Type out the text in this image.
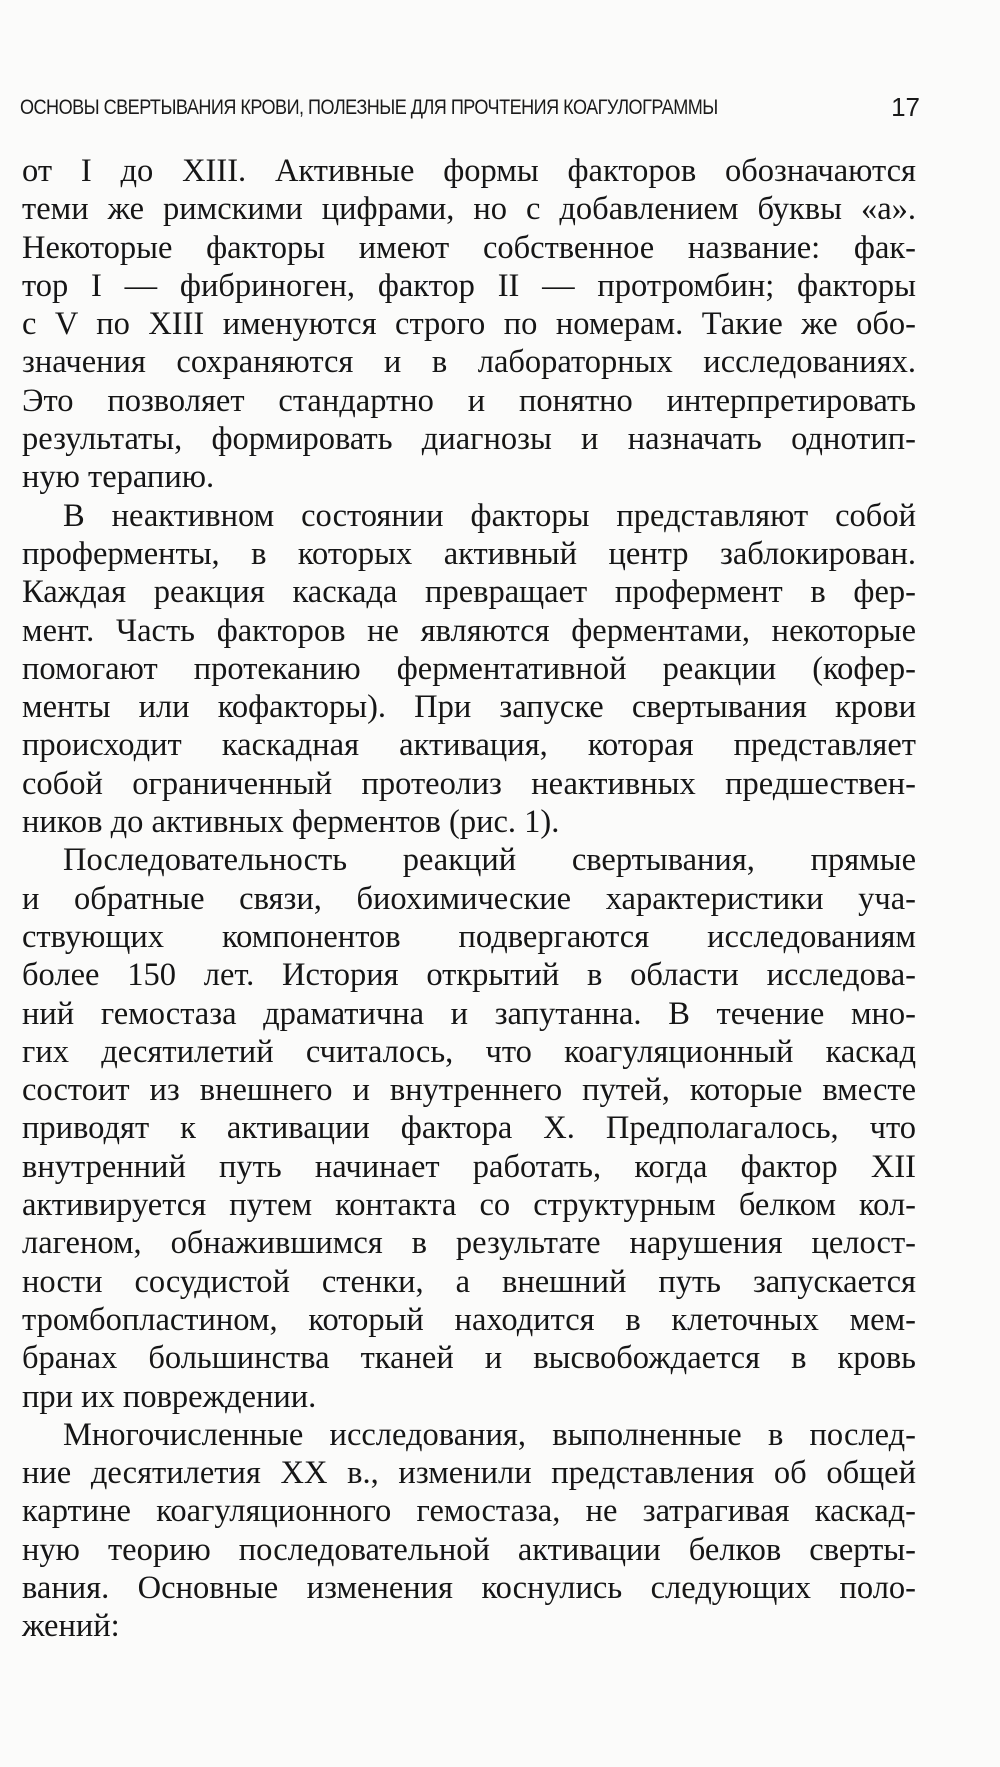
ОСНОВЫ СВЕРТЫВАНИЯ КРОВИ, ПОЛЕЗНЫЕ ДЛЯ ПРОЧТЕНИЯ КОАГУЛОГРАММЫ	17
от I до XIII. Активные формы факторов обозначаются
теми же римскими цифрами, но с добавлением буквы «а».
Некоторые факторы имеют собственное название: фак-
тор I — фибриноген, фактор II — протромбин; факторы
с V по XIII именуются строго по номерам. Такие же обо-
значения сохраняются и в лабораторных исследованиях.
Это позволяет стандартно и понятно интерпретировать
результаты, формировать диагнозы и назначать однотип-
ную терапию.
В неактивном состоянии факторы представляют собой
проферменты, в которых активный центр заблокирован.
Каждая реакция каскада превращает профермент в фер-
мент. Часть факторов не являются ферментами, некоторые
помогают протеканию ферментативной реакции (кофер-
менты или кофакторы). При запуске свертывания крови
происходит каскадная активация, которая представляет
собой ограниченный протеолиз неактивных предшествен-
ников до активных ферментов (рис. 1).
Последовательность реакций свертывания, прямые
и обратные связи, биохимические характеристики уча-
ствующих компонентов подвергаются исследованиям
более 150 лет. История открытий в области исследова-
ний гемостаза драматична и запутанна. В течение мно-
гих десятилетий считалось, что коагуляционный каскад
состоит из внешнего и внутреннего путей, которые вместе
приводят к активации фактора X. Предполагалось, что
внутренний путь начинает работать, когда фактор XII
активируется путем контакта со структурным белком кол-
лагеном, обнажившимся в результате нарушения целост-
ности сосудистой стенки, а внешний путь запускается
тромбопластином, который находится в клеточных мем-
бранах большинства тканей и высвобождается в кровь
при их повреждении.
Многочисленные исследования, выполненные в послед-
ние десятилетия XX в., изменили представления об общей
картине коагуляционного гемостаза, не затрагивая каскад-
ную теорию последовательной активации белков сверты-
вания. Основные изменения коснулись следующих поло-
жений:
